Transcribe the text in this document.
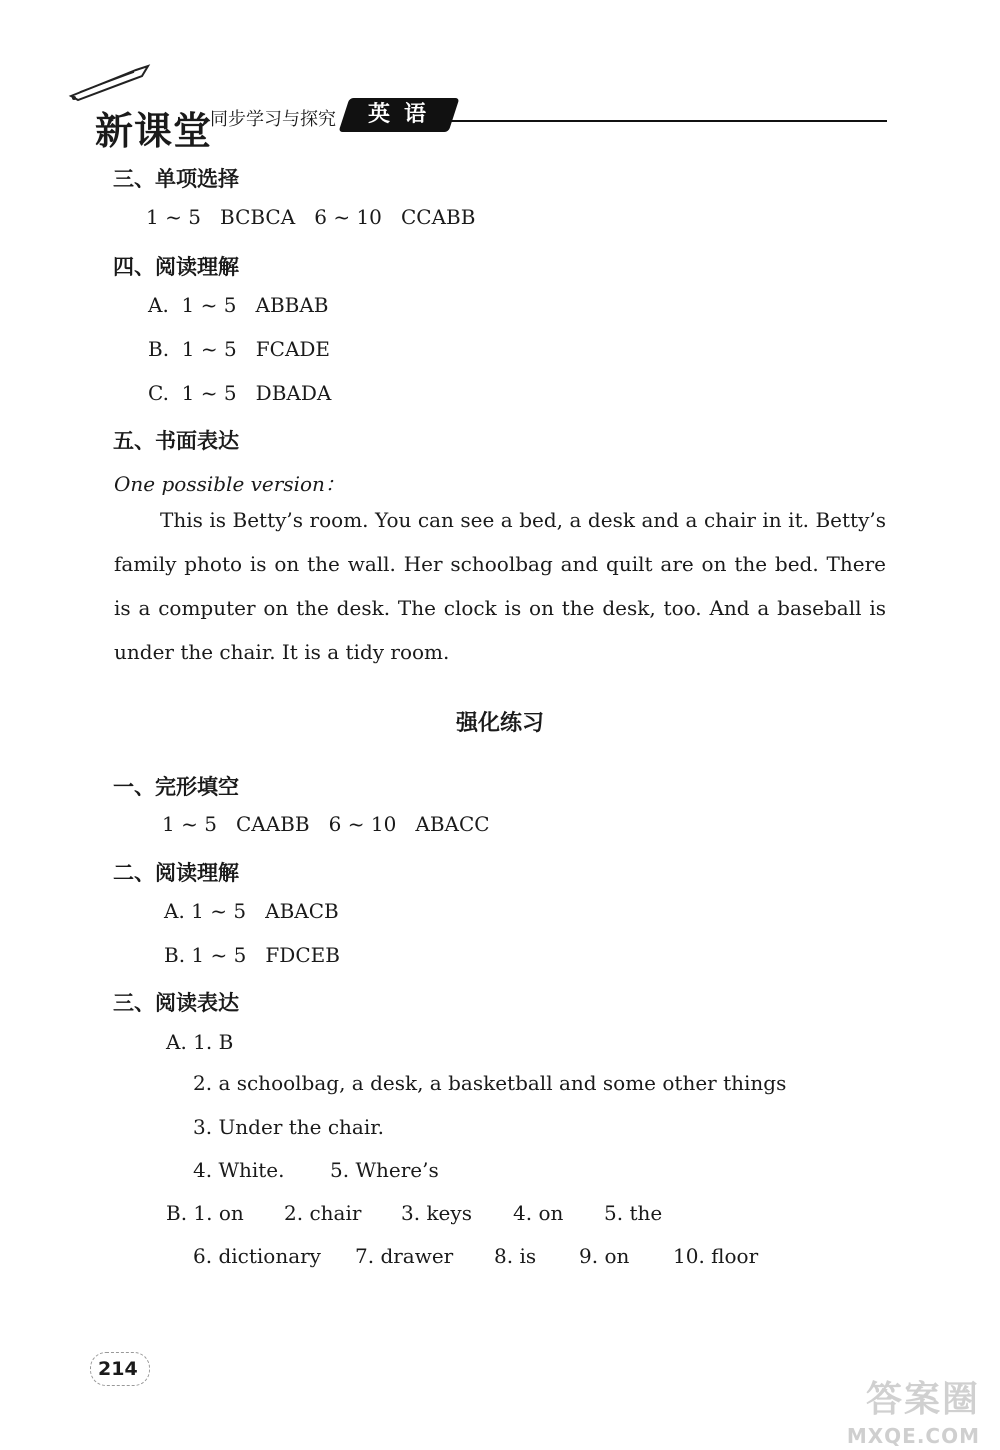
新课堂
同步学习与探究	英语
三、单项选择
1 ~ 5   BCBCA   6 ~ 10   CCABB
四、阅读理解
A.  1 ~ 5   ABBAB
B.  1 ~ 5   FCADE
C.  1 ~ 5   DBADA
五、书面表达
One possible version：
This is Betty’s room. You can see a bed, a desk and a chair in it. Betty’s family photo is on the wall. Her schoolbag and quilt are on the bed. There is a computer on the desk. The clock is on the desk, too. And a baseball is under the chair. It is a tidy room.
强化练习
一、完形填空
1 ~ 5   CAABB   6 ~ 10   ABACC
二、阅读理解
A. 1 ~ 5   ABACB
B. 1 ~ 5   FDCEB
三、阅读表达
A. 1. B
2. a schoolbag, a desk, a basketball and some other things
3. Under the chair.
4. White. 5. Where’s
B. 1. on 2. chair 3. keys 4. on 5. the
6. dictionary 7. drawer 8. is 9. on 10. floor
214
答案圈
MXQE.COM
